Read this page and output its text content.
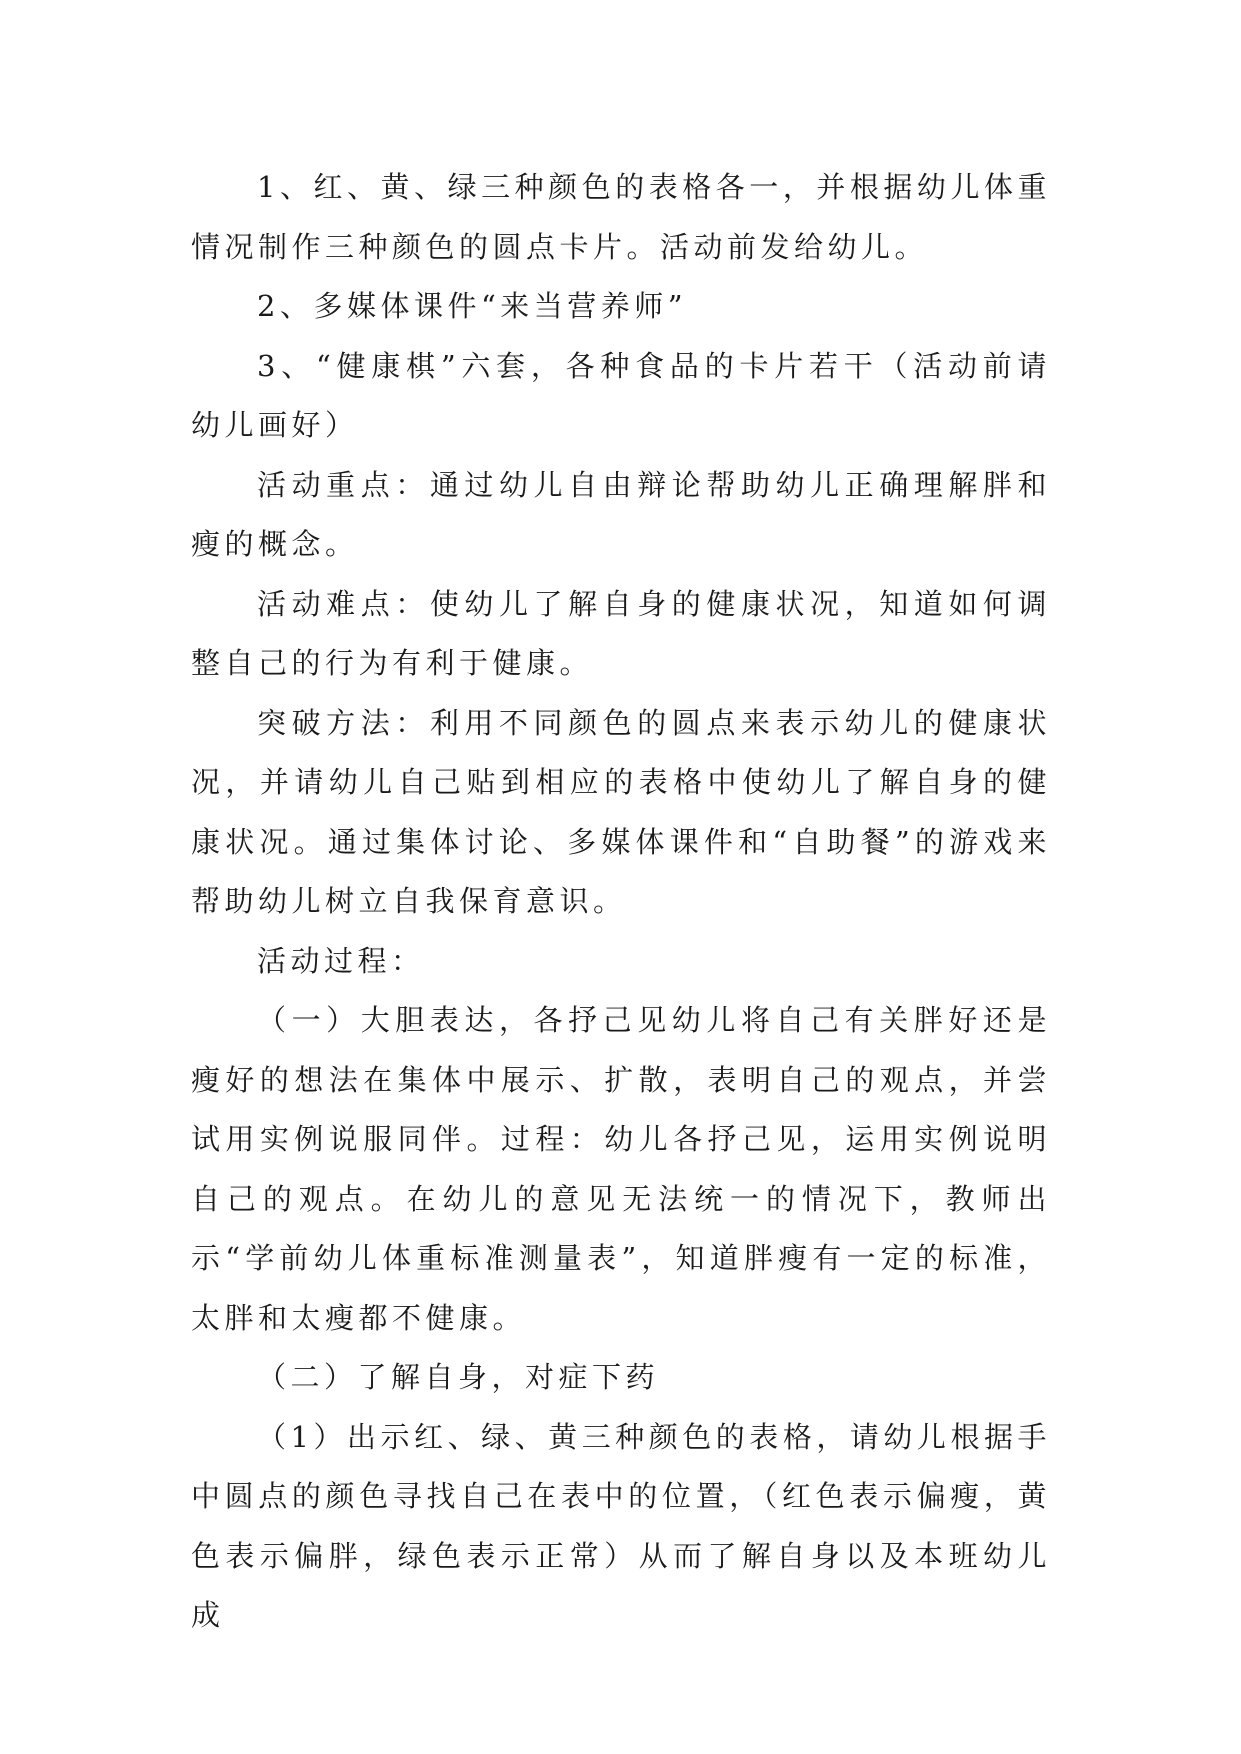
1、红、黄、绿三种颜色的表格各一，并根据幼儿体重情况制作三种颜色的圆点卡片。活动前发给幼儿。

2、多媒体课件“来当营养师”

3、“健康棋”六套，各种食品的卡片若干（活动前请幼儿画好）

活动重点：通过幼儿自由辩论帮助幼儿正确理解胖和瘦的概念。

活动难点：使幼儿了解自身的健康状况，知道如何调整自己的行为有利于健康。

突破方法：利用不同颜色的圆点来表示幼儿的健康状况，并请幼儿自己贴到相应的表格中使幼儿了解自身的健康状况。通过集体讨论、多媒体课件和“自助餐”的游戏来帮助幼儿树立自我保育意识。

活动过程：

（一）大胆表达，各抒己见幼儿将自己有关胖好还是瘦好的想法在集体中展示、扩散，表明自己的观点，并尝试用实例说服同伴。过程：幼儿各抒己见，运用实例说明自己的观点。在幼儿的意见无法统一的情况下，教师出示“学前幼儿体重标准测量表”，知道胖瘦有一定的标准，太胖和太瘦都不健康。

（二）了解自身，对症下药

（1）出示红、绿、黄三种颜色的表格，请幼儿根据手中圆点的颜色寻找自己在表中的位置，（红色表示偏瘦，黄色表示偏胖，绿色表示正常）从而了解自身以及本班幼儿成
